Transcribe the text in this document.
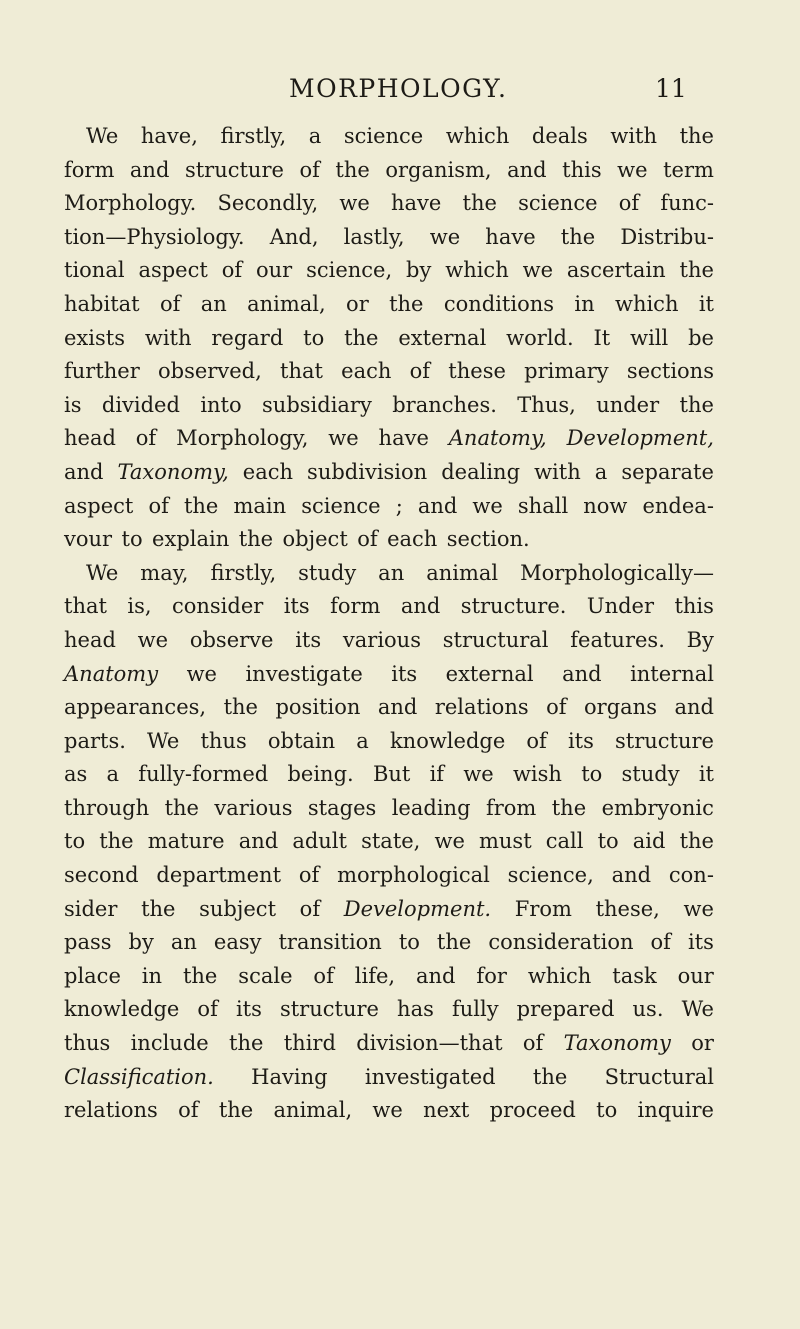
MORPHOLOGY.	11
We have, firstly, a science which deals with the
form and structure of the organism, and this we term
Morphology. Secondly, we have the science of func-
tion—Physiology. And, lastly, we have the Distribu-
tional aspect of our science, by which we ascertain the
habitat of an animal, or the conditions in which it
exists with regard to the external world. It will be
further observed, that each of these primary sections
is divided into subsidiary branches. Thus, under the
head of Morphology, we have Anatomy, Development,
and Taxonomy, each subdivision dealing with a separate
aspect of the main science ; and we shall now endea-
vour to explain the object of each section.
We may, firstly, study an animal Morphologically—
that is, consider its form and structure. Under this
head we observe its various structural features. By
Anatomy we investigate its external and internal
appearances, the position and relations of organs and
parts. We thus obtain a knowledge of its structure
as a fully-formed being. But if we wish to study it
through the various stages leading from the embryonic
to the mature and adult state, we must call to aid the
second department of morphological science, and con-
sider the subject of Development. From these, we
pass by an easy transition to the consideration of its
place in the scale of life, and for which task our
knowledge of its structure has fully prepared us. We
thus include the third division—that of Taxonomy or
Classification. Having investigated the Structural
relations of the animal, we next proceed to inquire
